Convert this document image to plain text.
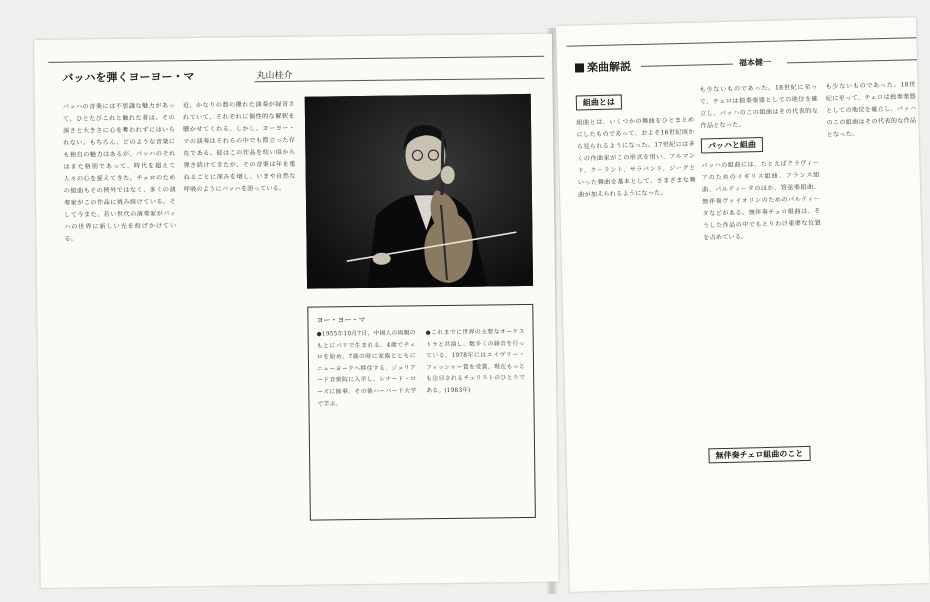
バッハを弾くヨーヨー・マ	丸山桂介
バッハの音楽には不思議な魅力があって、ひとたびこれと触れた者は、その深さと大きさに心を奪われずにはいられない。もちろん、どのような音楽にも独自の魅力はあるが、バッハのそれはまた格別であって、時代を超えて人々の心を捉えてきた。チェロのための組曲もその例外ではなく、多くの演奏家がこの作品に挑み続けている。そして今また、若い世代の演奏家がバッハの世界に新しい光を投げかけている。
近、かなりの数の優れた演奏が録音されていて、それぞれに個性的な解釈を聴かせてくれる。しかし、ヨーヨー・マの演奏はそれらの中でも際立った存在である。彼はこの作品を幼い頃から弾き続けてきたが、その音楽は年を重ねるごとに深みを増し、いまや自然な呼吸のようにバッハを語っている。
ヨー・ヨー・マ
●1955年10月7日、中国人の両親のもとにパリで生まれる。4歳でチェロを始め、7歳の時に家族とともにニューヨークへ移住する。ジュリアード音楽院に入学し、レナード・ローズに師事。その後ハーバード大学で学ぶ。
●これまでに世界の主要なオーケストラと共演し、数多くの録音を行っている。1978年にはエイヴリー・フィッシャー賞を受賞。現在もっとも注目されるチェリストのひとりである。(1983年)
楽曲解説	福本健一
組曲とは
組曲とは、いくつかの舞曲をひとまとめにしたものであって、およそ16世紀頃から見られるようになった。17世紀には多くの作曲家がこの形式を用い、アルマンド、クーラント、サラバンド、ジーグといった舞曲を基本として、さまざまな舞曲が加えられるようになった。
バッハと組曲
も少ないものであった。18世紀に至って、チェロは独奏楽器としての地位を確立し、バッハのこの組曲はその代表的な作品となった。
バッハの組曲には、たとえばクラヴィーアのためのイギリス組曲、フランス組曲、パルティータのほか、管弦楽組曲、無伴奏ヴァイオリンのためのパルティータなどがある。無伴奏チェロ組曲は、そうした作品の中でもとりわけ重要な位置を占めている。
無伴奏チェロ組曲のこと
も少ないものであった。18世紀に至って、チェロは独奏楽器としての地位を確立し、バッハのこの組曲はその代表的な作品となった。
